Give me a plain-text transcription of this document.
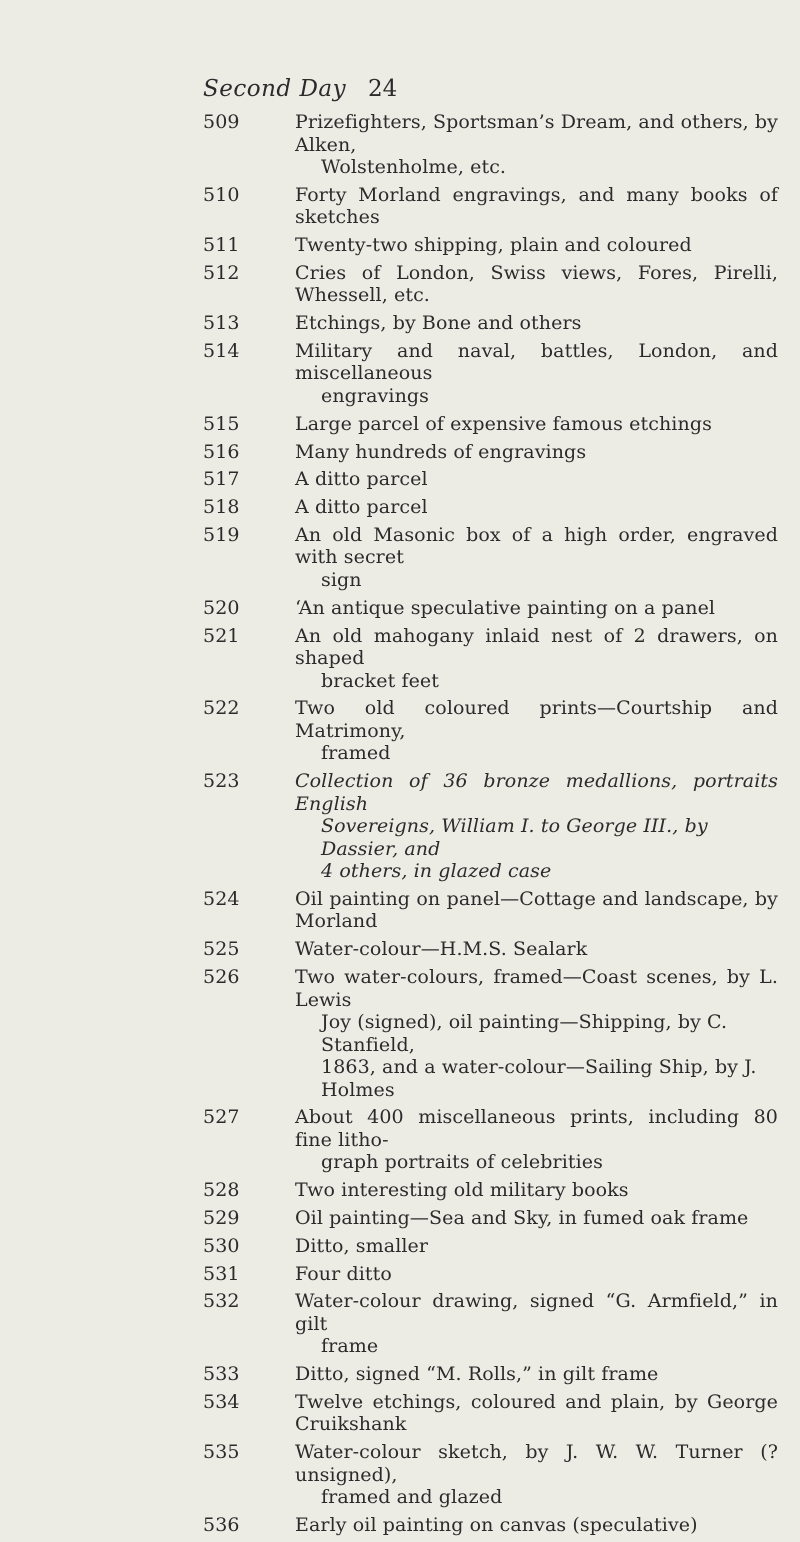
Second Day 24
509	Prizefighters, Sportsman’s Dream, and others, by Alken,
Wolstenholme, etc.
510	Forty Morland engravings, and many books of sketches
511	Twenty-two shipping, plain and coloured
512	Cries of London, Swiss views, Fores, Pirelli, Whessell, etc.
513	Etchings, by Bone and others
514	Military and naval, battles, London, and miscellaneous
engravings
515	Large parcel of expensive famous etchings
516	Many hundreds of engravings
517	A ditto parcel
518	A ditto parcel
519	An old Masonic box of a high order, engraved with secret
sign
520	‘An antique speculative painting on a panel
521	An old mahogany inlaid nest of 2 drawers, on shaped
bracket feet
522	Two old coloured prints—Courtship and Matrimony,
framed
523	Collection of 36 bronze medallions, portraits English
Sovereigns, William I. to George III., by Dassier, and
4 others, in glazed case
524	Oil painting on panel—Cottage and landscape, by Morland
525	Water-colour—H.M.S. Sealark
526	Two water-colours, framed—Coast scenes, by L. Lewis
Joy (signed), oil painting—Shipping, by C. Stanfield,
1863, and a water-colour—Sailing Ship, by J. Holmes
527	About 400 miscellaneous prints, including 80 fine litho-
graph portraits of celebrities
528	Two interesting old military books
529	Oil painting—Sea and Sky, in fumed oak frame
530	Ditto, smaller
531	Four ditto
532	Water-colour drawing, signed “G. Armfield,” in gilt
frame
533	Ditto, signed “M. Rolls,” in gilt frame
534	Twelve etchings, coloured and plain, by George Cruikshank
535	Water-colour sketch, by J. W. W. Turner (? unsigned),
framed and glazed
536	Early oil painting on canvas (speculative)
